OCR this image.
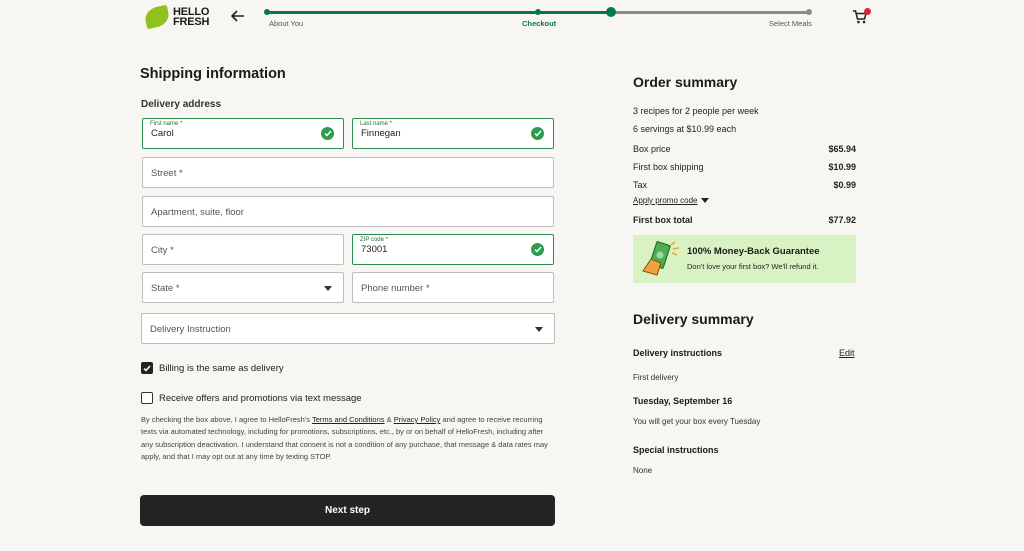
HELLO
FRESH	About You	Checkout	Select Meals
Shipping information
Delivery address
First name *
Carol
Last name *
Finnegan
Street *
Apartment, suite, floor
City *
ZIP code *
73001
State *	Phone number *
Delivery Instruction
Billing is the same as delivery
Receive offers and promotions via text message
By checking the box above, I agree to HelloFresh's Terms and Conditions & Privacy Policy and agree to receive recurring texts via automated technology, including for promotions, subscriptions, etc., by or on behalf of HelloFresh, including after any subscription deactivation. I understand that consent is not a condition of any purchase, that message & data rates may apply, and that I may opt out at any time by texting STOP.
Next step
Order summary
3 recipes for 2 people per week
6 servings at $10.99 each
Box price	$65.94
First box shipping	$10.99
Tax	$0.99
Apply promo code
First box total	$77.92
100% Money-Back Guarantee
Don't love your first box? We'll refund it.
Delivery summary
Delivery instructions	Edit
First delivery
Tuesday, September 16
You will get your box every Tuesday
Special instructions
None
